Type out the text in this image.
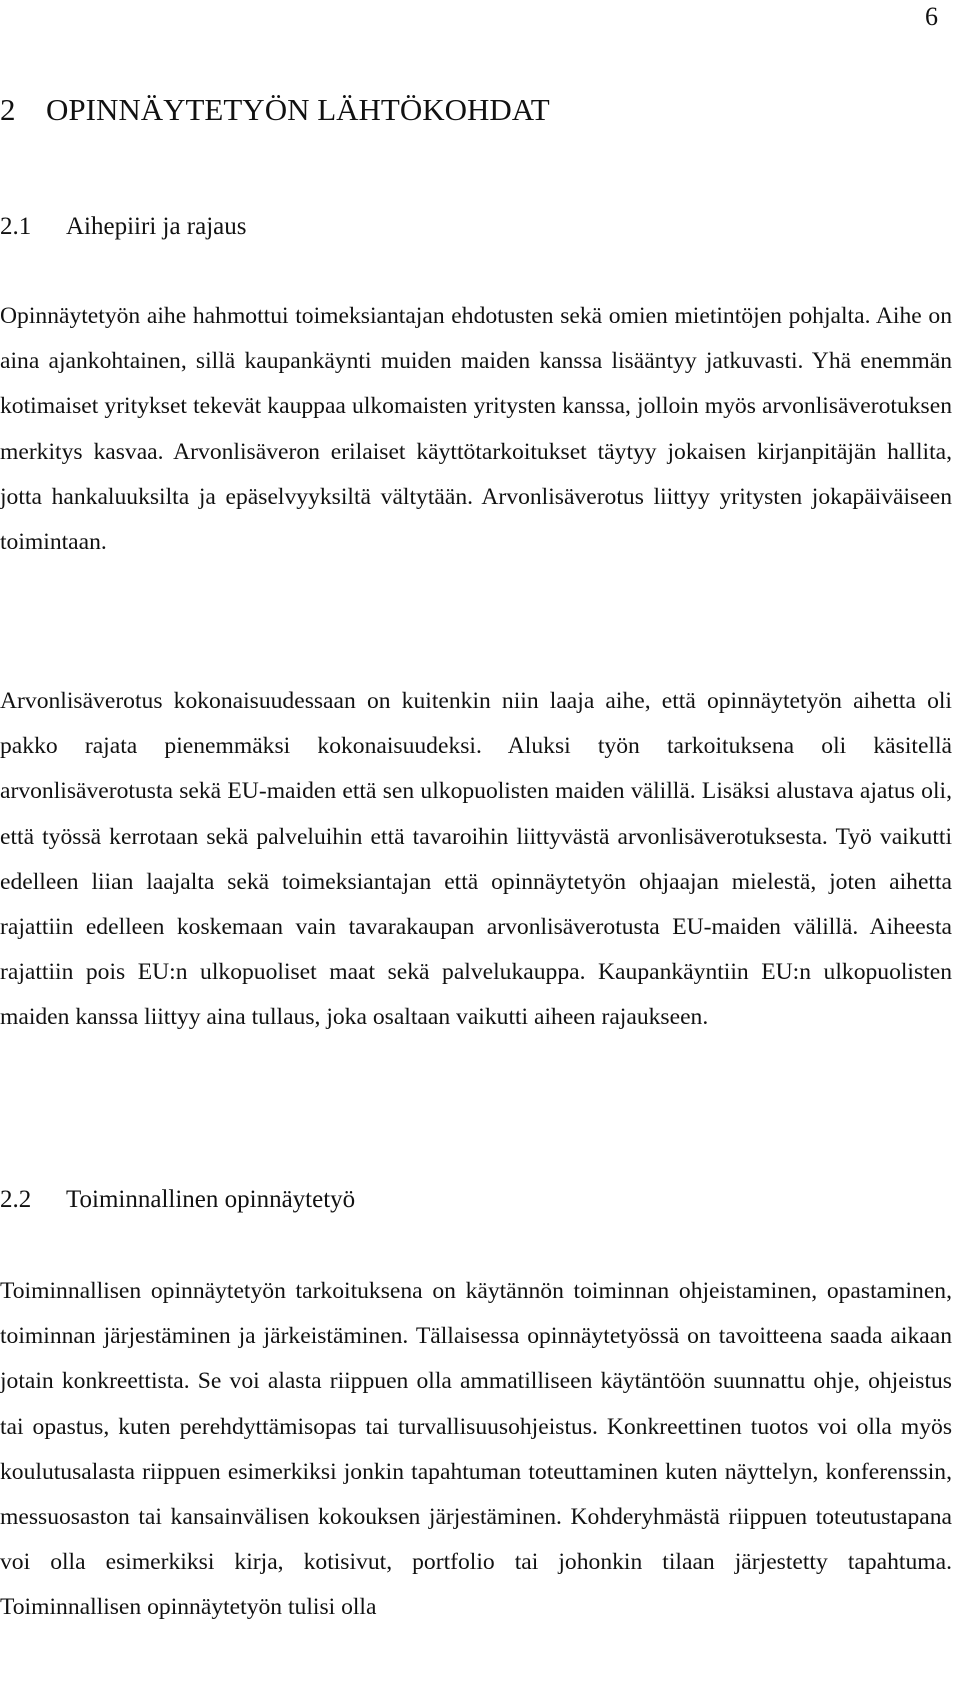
6
2 OPINNÄYTETYÖN LÄHTÖKOHDAT
2.1 Aihepiiri ja rajaus

Opinnäytetyön aihe hahmottui toimeksiantajan ehdotusten sekä omien mietintöjen pohjalta. Aihe on aina ajankohtainen, sillä kaupankäynti muiden maiden kanssa lisääntyy jatkuvasti. Yhä enemmän kotimaiset yritykset tekevät kauppaa ulkomaisten yritysten kanssa, jolloin myös arvonlisäverotuksen merkitys kasvaa. Arvonlisäveron erilaiset käyttötarkoitukset täytyy jokaisen kirjanpitäjän hallita, jotta hankaluuksilta ja epäselvyyksiltä vältytään. Arvonlisäverotus liittyy yritysten jokapäiväiseen toimintaan.

Arvonlisäverotus kokonaisuudessaan on kuitenkin niin laaja aihe, että opinnäytetyön aihetta oli pakko rajata pienemmäksi kokonaisuudeksi. Aluksi työn tarkoituksena oli käsitellä arvonlisäverotusta sekä EU-maiden että sen ulkopuolisten maiden välillä. Lisäksi alustava ajatus oli, että työssä kerrotaan sekä palveluihin että tavaroihin liittyvästä arvonlisäverotuksesta. Työ vaikutti edelleen liian laajalta sekä toimeksiantajan että opinnäytetyön ohjaajan mielestä, joten aihetta rajattiin edelleen koskemaan vain tavarakaupan arvonlisäverotusta EU-maiden välillä. Aiheesta rajattiin pois EU:n ulkopuoliset maat sekä palvelukauppa. Kaupankäyntiin EU:n ulkopuolisten maiden kanssa liittyy aina tullaus, joka osaltaan vaikutti aiheen rajaukseen.

2.2 Toiminnallinen opinnäytetyö

Toiminnallisen opinnäytetyön tarkoituksena on käytännön toiminnan ohjeistaminen, opastaminen, toiminnan järjestäminen ja järkeistäminen. Tällaisessa opinnäytetyössä on tavoitteena saada aikaan jotain konkreettista. Se voi alasta riippuen olla ammatilliseen käytäntöön suunnattu ohje, ohjeistus tai opastus, kuten perehdyttämisopas tai turvallisuusohjeistus. Konkreettinen tuotos voi olla myös koulutusalasta riippuen esimerkiksi jonkin tapahtuman toteuttaminen kuten näyttelyn, konferenssin, messuosaston tai kansainvälisen kokouksen järjestäminen. Kohderyhmästä riippuen toteutustapana voi olla esimerkiksi kirja, kotisivut, portfolio tai johonkin tilaan järjestetty tapahtuma. Toiminnallisen opinnäytetyön tulisi olla
